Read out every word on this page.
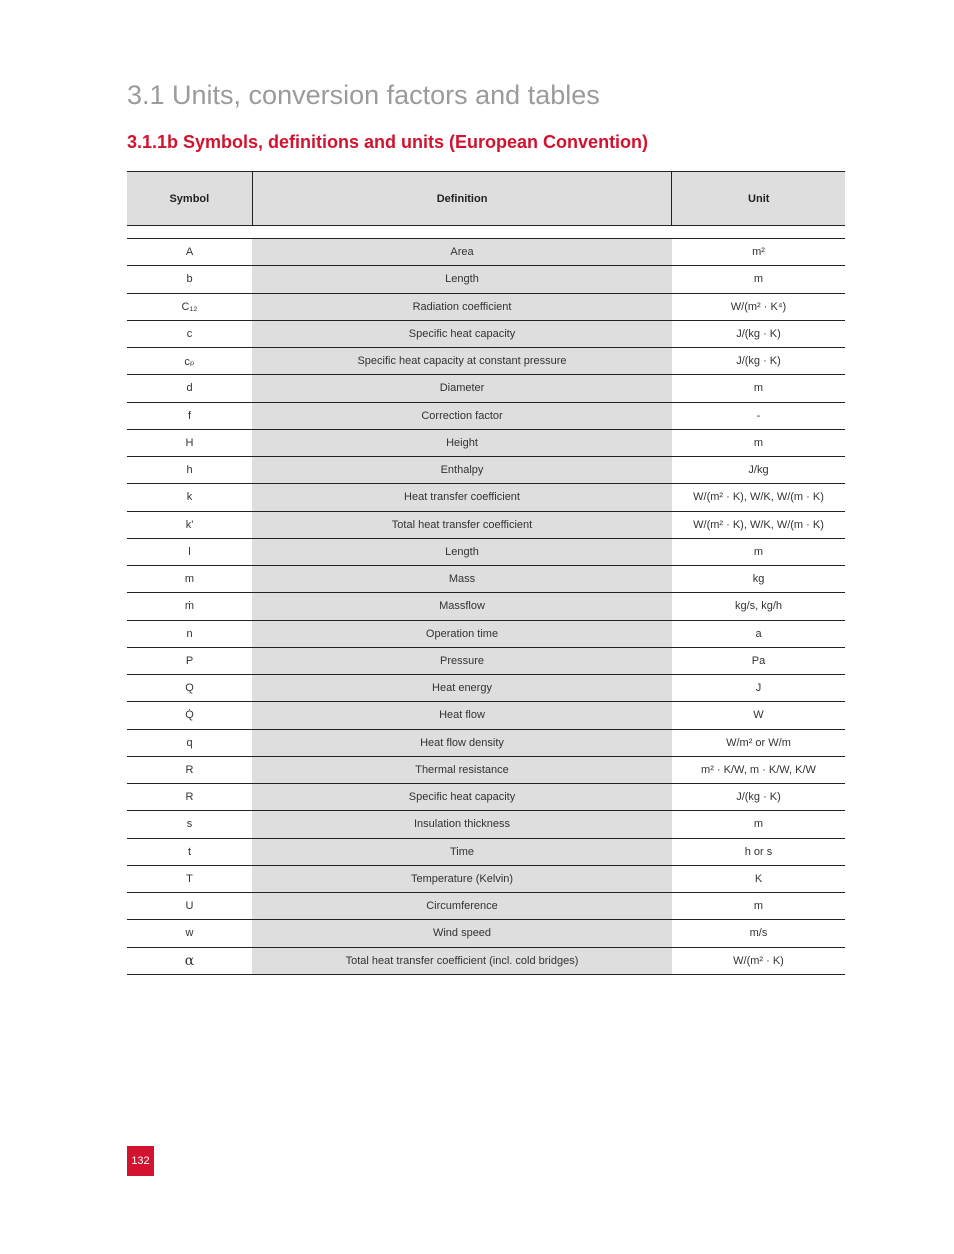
3.1 Units, conversion factors and tables
3.1.1b Symbols, definitions and units (European Convention)
Symbol	Definition	Unit
A	Area	m²
b	Length	m
C₁₂	Radiation coefficient	W/(m² · K⁴)
c	Specific heat capacity	J/(kg · K)
cₚ	Specific heat capacity at constant pressure	J/(kg · K)
d	Diameter	m
f	Correction factor	-
H	Height	m
h	Enthalpy	J/kg
k	Heat transfer coefficient	W/(m² · K), W/K, W/(m · K)
k'	Total heat transfer coefficient	W/(m² · K), W/K, W/(m · K)
l	Length	m
m	Mass	kg
ṁ	Massflow	kg/s, kg/h
n	Operation time	a
P	Pressure	Pa
Q	Heat energy	J
Q̇	Heat flow	W
q	Heat flow density	W/m² or W/m
R	Thermal resistance	m² · K/W, m · K/W, K/W
R	Specific heat capacity	J/(kg · K)
s	Insulation thickness	m
t	Time	h or s
T	Temperature (Kelvin)	K
U	Circumference	m
w	Wind speed	m/s
α	Total heat transfer coefficient (incl. cold bridges)	W/(m² · K)
132
